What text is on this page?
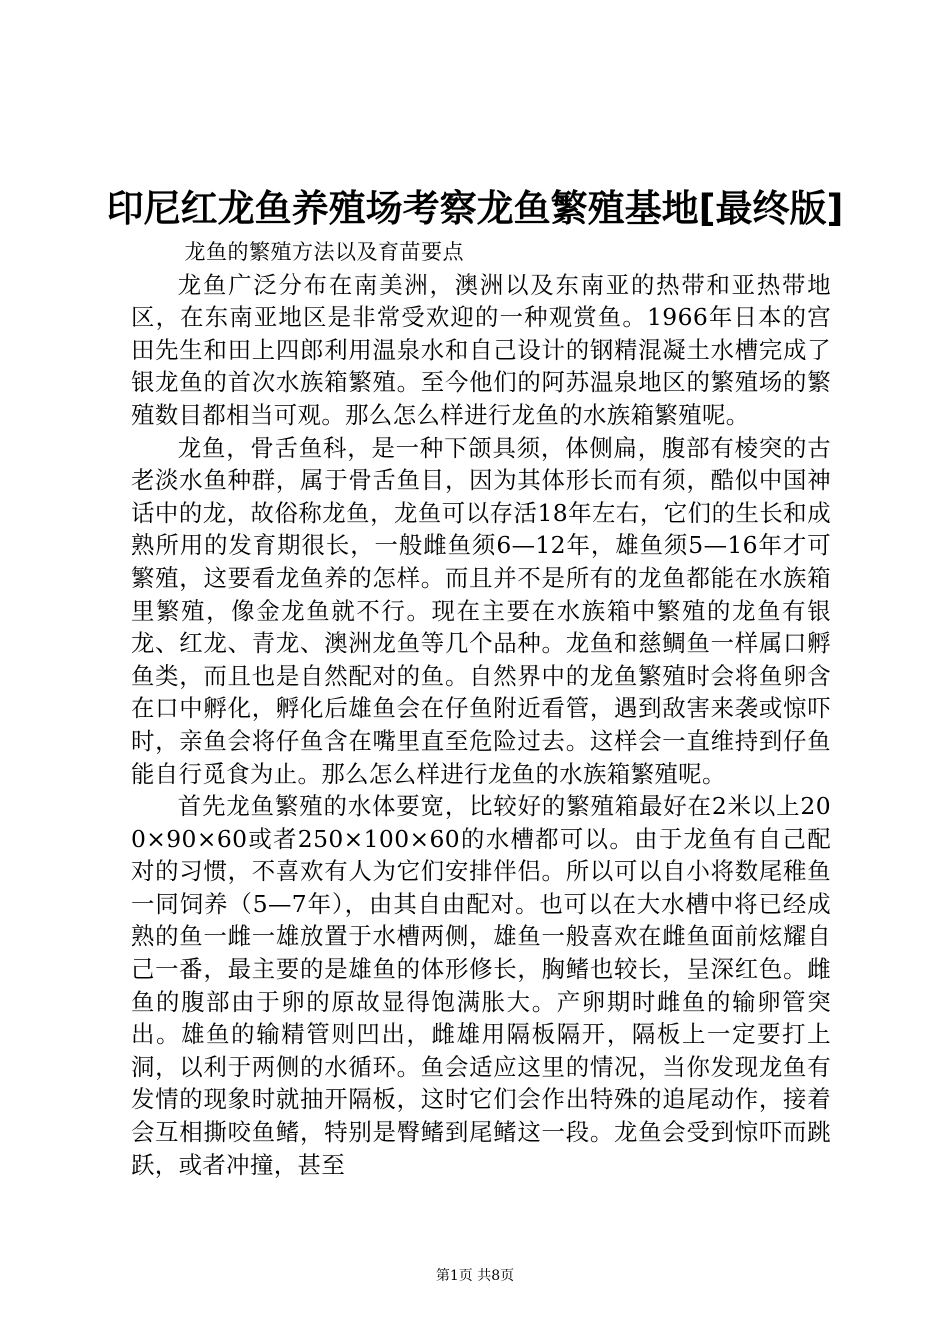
印尼红龙鱼养殖场考察龙鱼繁殖基地[最终版]

龙鱼的繁殖方法以及育苗要点

龙鱼广泛分布在南美洲，澳洲以及东南亚的热带和亚热带地区，在东南亚地区是非常受欢迎的一种观赏鱼。1966年日本的宫田先生和田上四郎利用温泉水和自己设计的钢精混凝土水槽完成了银龙鱼的首次水族箱繁殖。至今他们的阿苏温泉地区的繁殖场的繁殖数目都相当可观。那么怎么样进行龙鱼的水族箱繁殖呢。

龙鱼，骨舌鱼科，是一种下颌具须，体侧扁，腹部有棱突的古老淡水鱼种群，属于骨舌鱼目，因为其体形长而有须，酷似中国神话中的龙，故俗称龙鱼，龙鱼可以存活18年左右，它们的生长和成熟所用的发育期很长，一般雌鱼须6—12年，雄鱼须5—16年才可繁殖，这要看龙鱼养的怎样。而且并不是所有的龙鱼都能在水族箱里繁殖，像金龙鱼就不行。现在主要在水族箱中繁殖的龙鱼有银龙、红龙、青龙、澳洲龙鱼等几个品种。龙鱼和慈鲷鱼一样属口孵鱼类，而且也是自然配对的鱼。自然界中的龙鱼繁殖时会将鱼卵含在口中孵化，孵化后雄鱼会在仔鱼附近看管，遇到敌害来袭或惊吓时，亲鱼会将仔鱼含在嘴里直至危险过去。这样会一直维持到仔鱼能自行觅食为止。那么怎么样进行龙鱼的水族箱繁殖呢。

首先龙鱼繁殖的水体要宽，比较好的繁殖箱最好在2米以上200×90×60或者250×100×60的水槽都可以。由于龙鱼有自己配对的习惯，不喜欢有人为它们安排伴侣。所以可以自小将数尾稚鱼一同饲养（5—7年），由其自由配对。也可以在大水槽中将已经成熟的鱼一雌一雄放置于水槽两侧，雄鱼一般喜欢在雌鱼面前炫耀自己一番，最主要的是雄鱼的体形修长，胸鳍也较长，呈深红色。雌鱼的腹部由于卵的原故显得饱满胀大。产卵期时雌鱼的输卵管突出。雄鱼的输精管则凹出，雌雄用隔板隔开，隔板上一定要打上洞，以利于两侧的水循环。鱼会适应这里的情况，当你发现龙鱼有发情的现象时就抽开隔板，这时它们会作出特殊的追尾动作，接着会互相撕咬鱼鳍，特别是臀鳍到尾鳍这一段。龙鱼会受到惊吓而跳跃，或者冲撞，甚至

第1页 共8页
